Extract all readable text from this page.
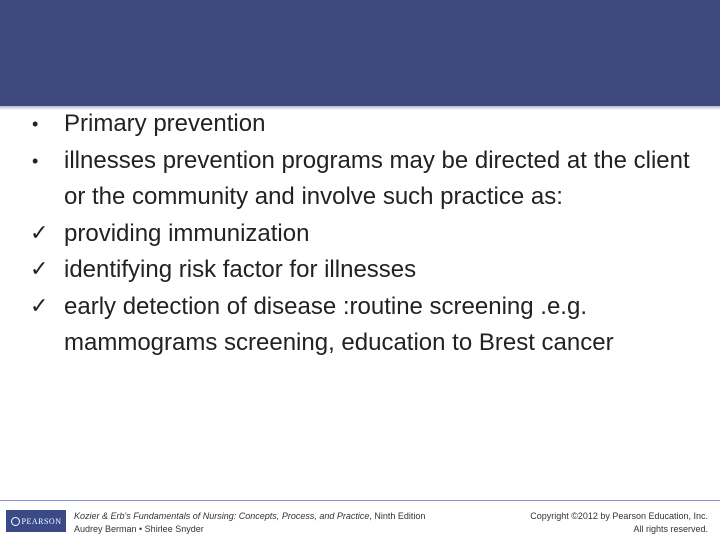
•	Primary prevention
•	illnesses prevention programs may be directed at the client or the community and involve such practice as:
✓ providing immunization
✓ identifying risk factor for illnesses
✓ early detection of disease :routine screening .e.g. mammograms screening, education to Brest cancer
PEARSON Kozier & Erb's Fundamentals of Nursing: Concepts, Process, and Practice, Ninth Edition
Audrey Berman • Shirlee Snyder
Copyright ©2012 by Pearson Education, Inc.
All rights reserved.
